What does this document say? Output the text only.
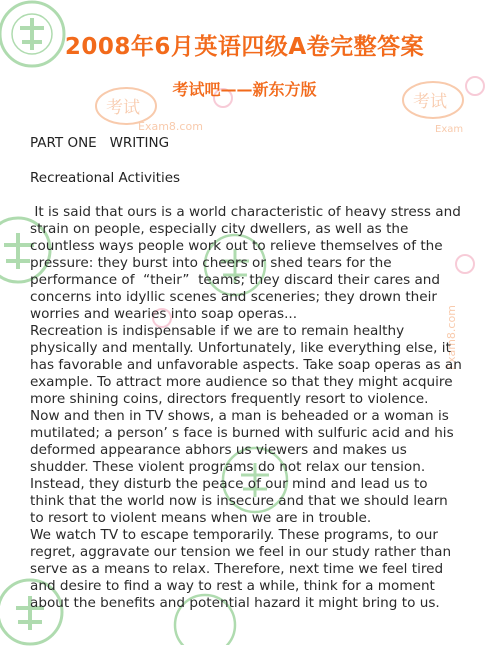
考试
Exam8.com
考试
Exam
Exam8.com
2008年6月英语四级A卷完整答案
考试吧——新东方版
PART ONE   WRITING
Recreational Activities

It is said that ours is a world characteristic of heavy stress and
strain on people, especially city dwellers, as well as the
countless ways people work out to relieve themselves of the
pressure: they burst into cheers or shed tears for the
performance of  “their”  teams; they discard their cares and
concerns into idyllic scenes and sceneries; they drown their
worries and wearies into soap operas...

Recreation is indispensable if we are to remain healthy
physically and mentally. Unfortunately, like everything else, it
has favorable and unfavorable aspects. Take soap operas as an
example. To attract more audience so that they might acquire
more shining coins, directors frequently resort to violence.
Now and then in TV shows, a man is beheaded or a woman is
mutilated; a person’ s face is burned with sulfuric acid and his
deformed appearance abhors us viewers and makes us
shudder. These violent programs do not relax our tension.
Instead, they disturb the peace of our mind and lead us to
think that the world now is insecure and that we should learn
to resort to violent means when we are in trouble.

We watch TV to escape temporarily. These programs, to our
regret, aggravate our tension we feel in our study rather than
serve as a means to relax. Therefore, next time we feel tired
and desire to find a way to rest a while, think for a moment
about the benefits and potential hazard it might bring to us.
